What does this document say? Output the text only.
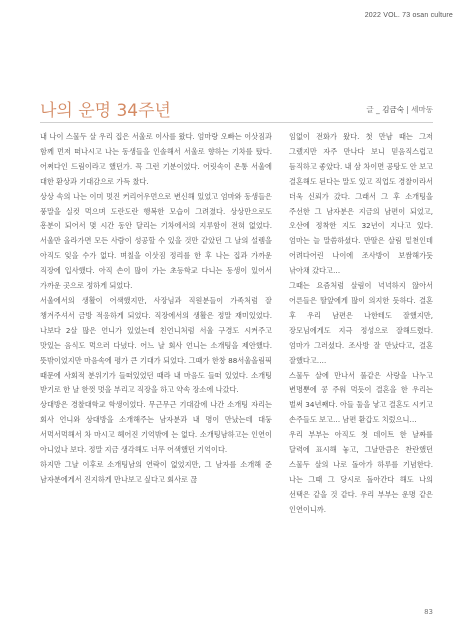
2022 VOL. 73 osan culture
나의 운명 34주년	글 _ 김금숙 | 세마동

내 나이 스물두 살 우리 집은 서울로 이사를 왔다. 엄마랑 오빠는 이삿짐과 함께 먼저 떠나시고 나는 동생들을 인솔해서 서울로 향하는 기차를 탔다. 어쩌다인 드림이라고 했던가. 꼭 그런 기분이었다. 어릿속이 온통 서울에 대한 환상과 기대감으로 가득 찼다.

상상 속의 나는 이미 멋진 커리어우먼으로 변신해 있었고 엄마와 동생들은 풍말을 실컷 먹으며 도란도란 행복한 모습이 그려졌다. 상상만으로도 흥분이 되어서 몇 시간 동안 달리는 기차에서의 지루함이 전혀 없었다. 서울만 올라가면 모든 사람이 성공할 수 있을 것만 같았던 그 날의 설렘을 아직도 잊을 수가 없다. 며칠을 이삿짐 정리를 한 후 나는 집과 가까운 직장에 입사했다. 아직 손이 많이 가는 초등학교 다니는 동생이 있어서 가까운 곳으로 정하게 되었다.

서울에서의 생활이 어색했지만, 사장님과 직원분들이 가족처럼 잘 챙겨주셔서 금방 적응하게 되었다. 직장에서의 생활은 정말 재미있었다. 나보다 2살 많은 언니가 있었는데 친언니처럼 서울 구경도 시켜주고 맛있는 음식도 먹으러 다녔다. 어느 날 회사 언니는 소개팅을 제안했다. 뜻밖이었지만 마음속에 평가 큰 기대가 되었다. 그때가 한창 88서울올림픽 때문에 사회적 분위기가 들떠있었던 때라 내 마음도 들떠 있었다. 소개팅 받기로 한 날 한껏 멋을 부리고 직장을 하고 약속 장소에 나갔다.

상대방은 경찰대학교 학생이었다. 무근무근 기대감에 나간 소개팅 자리는 회사 언니와 상대방을 소개해주는 남자분과 내 명이 만났는데 대둥 서먹서먹해서 차 마시고 헤어진 기억밖에 는 없다. 소개팅남하고는 인연이 아니었나 보다. 정말 지금 생각해도 너무 어색했던 기억이다.

하지만 그날 이후로 소개팅남의 연락이 없었지만, 그 남자를 소개해 준 남자분에게서 진지하게 만나보고 싶다고 회사로 끊

임없이 전화가 왔다. 첫 만남 때는 그저 그랬지만 자주 만나다 보니 믿음직스럽고 듬직하고 좋았다. 내 삼 차이면 공탕도 안 보고 결혼해도 된다는 말도 있고 직업도 경찰이라서 더욱 신뢰가 갔다. 그래서 그 후 소개팅을 주선한 그 남자분은 지금의 남편이 되었고, 오산에 정착한 지도 32년이 지나고 있다. 엄마는 늘 말씀하셨다. 만딸은 살림 밑천인데 어려다어린 나이에 조사방이 보쌈해가듯 낚아채 갔다고…

그때는 요즘처럼 살림이 넉넉하지 않아서 어른들은 딸앞에게 많이 의지한 듯하다. 결혼 후 우리 남편은 나한테도 잘했지만, 장모님에게도 지극 정성으로 잘해드렸다. 엄마가 그러셨다. 조사방 잘 만났다고, 결혼 잘했다고….

스물두 살에 만나서 풀같은 사랑을 나누고 변명뿐에 콩 주워 먹듯이 결혼을 한 우리는 벌써 34년째다. 아들 둘을 낳고 결혼도 시키고 손주들도 보고… 남편 환갑도 치렀으니…

우리 부부는 아직도 첫 데이트 한 날짜를 달력에 표시해 놓고, 그날만큼은 찬란했던 스물두 살의 나로 돌아가 하루를 기념한다. 나는 그때 그 당시로 돌아간다 해도 나의 선택은 같을 것 같다. 우리 부부는 운명 같은 인연이니까.

83
